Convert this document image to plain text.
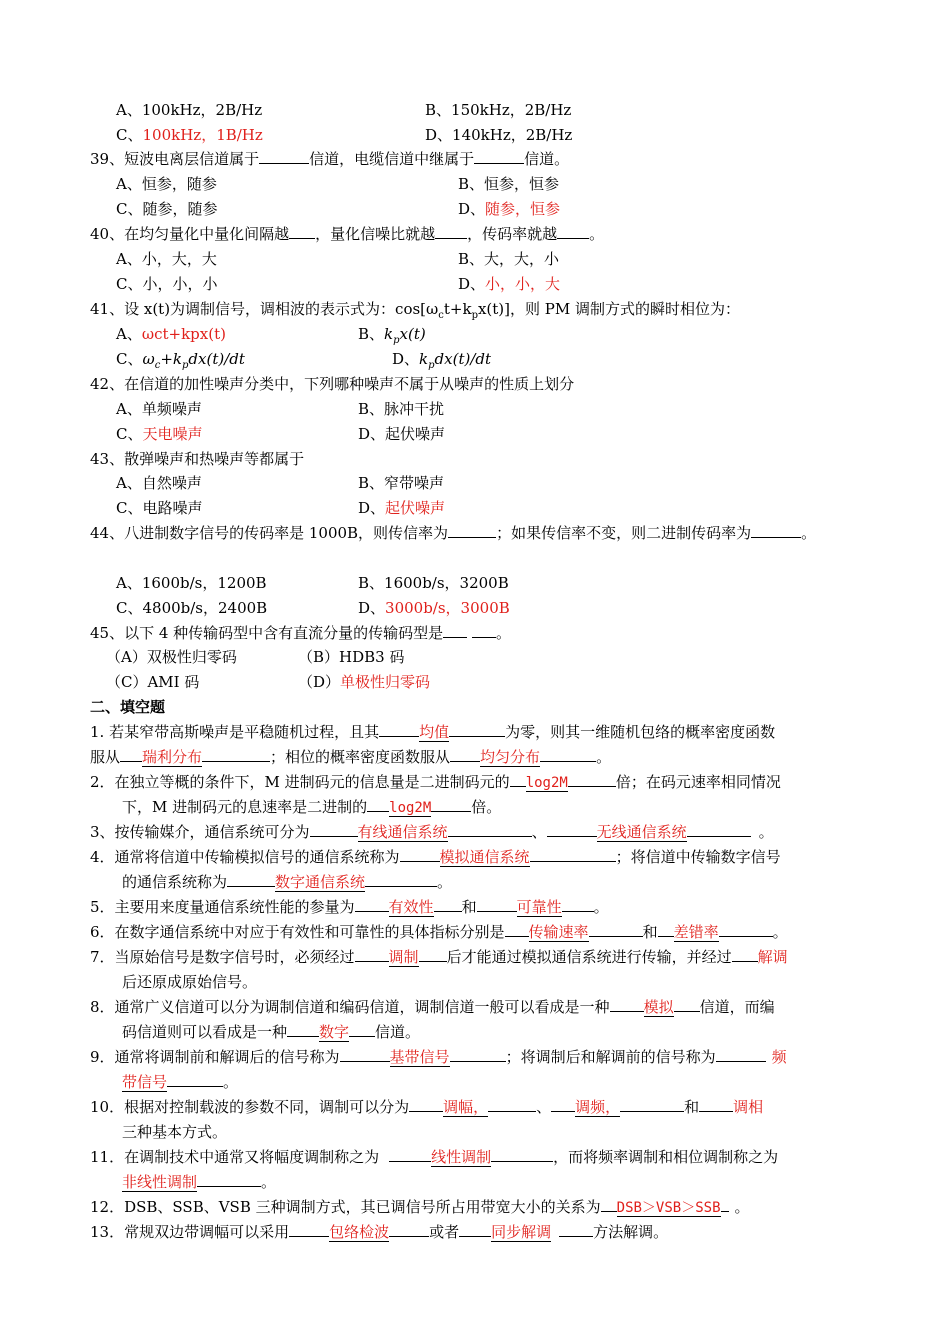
A、100kHz，2B/Hz	B、150kHz，2B/Hz
C、100kHz，1B/Hz	D、140kHz，2B/Hz
39、短波电离层信道属于	信道，电缆信道中继属于	信道。
A、恒参，随参	B、恒参，恒参
C、随参，随参	D、随参，恒参
40、在均匀量化中量化间隔越 ，量化信噪比就越 ，传码率就越 。
A、小，大，大	B、大，大，小
C、小，小，小	D、小，小，大
41、设 x(t)为调制信号，调相波的表示式为：$\cos[\omega_ct+k_px(t)]$，则 PM 调制方式的瞬时相位为：
A、ωct+kpx(t)	B、$k_px(t)$
C、$\omega_c+k_pdx(t)/dt$	D、$k_pdx(t)/dt$
42、在信道的加性噪声分类中，下列哪种噪声不属于从噪声的性质上划分
A、单频噪声	B、脉冲干扰
C、天电噪声	D、起伏噪声
43、散弹噪声和热噪声等都属于
A、自然噪声	B、窄带噪声
C、电路噪声	D、起伏噪声
44、八进制数字信号的传码率是 1000B，则传信率为	；如果传信率不变，则二进制传码率为	。
A、1600b/s，1200B	B、1600b/s，3200B
C、4800b/s，2400B	D、3000b/s，3000B
45、以下 4 种传输码型中含有直流分量的传输码型是	。
（A）双极性归零码	（B）HDB3 码
（C）AMI 码	（D）单极性归零码
二、填空题
1. 若某窄带高斯噪声是平稳随机过程，且其	均值	为零，则其一维随机包络的概率密度函数
服从 瑞利分布	；相位的概率密度函数服从 均匀分布	。
2．在独立等概的条件下，M 进制码元的信息量是二进制码元的 log2M	倍；在码元速率相同情况
下，M 进制码元的息速率是二进制的 log2M	倍。
3、按传输媒介，通信系统可分为	有线通信系统	、	无线通信系统	。
4．通常将信道中传输模拟信号的通信系统称为	模拟通信系统	；将信道中传输数字信号
的通信系统称为	数字通信系统	。
5．主要用来度量通信系统性能的参量为 有效性 和	可靠性 。
6．在数字通信系统中对应于有效性和可靠性的具体指标分别是 传输速率	和 差错率	。
7．当原始信号是数字信号时，必须经过 调制 后才能通过模拟通信系统进行传输，并经过 解调
后还原成原始信号。
8．通常广义信道可以分为调制信道和编码信道，调制信道一般可以看成是一种 模拟 信道，而编
码信道则可以看成是一种 数字 信道。
9．通常将调制前和解调后的信号称为	基带信号	；将调制后和解调前的信号称为	频
带信号	。
10．根据对控制载波的参数不同，调制可以分为 调幅，	、 调频，	和 调相
三种基本方式。
11．在调制技术中通常又将幅度调制称之为	线性调制	，而将频率调制和相位调制称之为
非线性调制	。
12．DSB、SSB、VSB 三种调制方式，其已调信号所占用带宽大小的关系为 DSB＞VSB＞SSB 。
13．常规双边带调幅可以采用	包络检波	或者 同步解调	方法解调。
